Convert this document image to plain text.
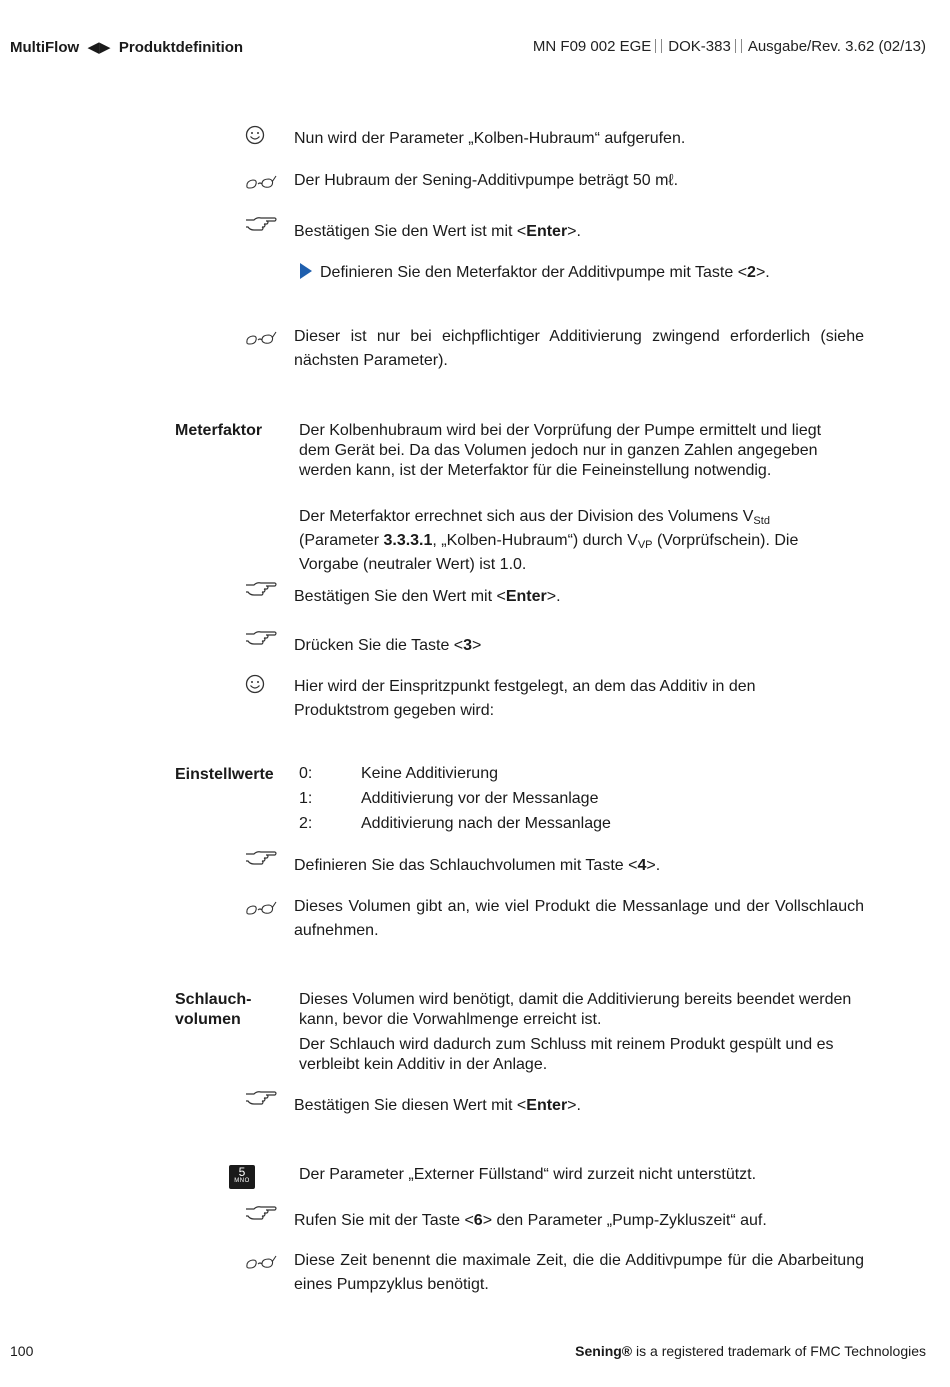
MultiFlow  ◀▶  Produktdefinition	MN F09 002 EGE DOK-383 Ausgabe/Rev. 3.62 (02/13)
Nun wird der Parameter „Kolben-Hubraum“ aufgerufen.
Der Hubraum der Sening-Additivpumpe beträgt 50 mℓ.
Bestätigen Sie den Wert ist mit <Enter>.
Definieren Sie den Meterfaktor der Additivpumpe mit Taste <2>.
Dieser ist nur bei eichpflichtiger Additivierung zwingend erforderlich (siehe nächsten Parameter).
Meterfaktor Der Kolbenhubraum wird bei der Vorprüfung der Pumpe ermittelt und liegt dem Gerät bei. Da das Volumen jedoch nur in ganzen Zahlen angegeben werden kann, ist der Meterfaktor für die Feineinstellung notwendig.
Der Meterfaktor errechnet sich aus der Division des Volumens $V_{Std}$ (Parameter 3.3.3.1, „Kolben-Hubraum“) durch $V_{VP}$ (Vorprüfschein). Die Vorgabe (neutraler Wert) ist 1.0.
Bestätigen Sie den Wert mit <Enter>.
Drücken Sie die Taste <3>
Hier wird der Einspritzpunkt festgelegt, an dem das Additiv in den Produktstrom gegeben wird:
Einstellwerte 0:	Keine Additivierung
1:	Additivierung vor der Messanlage
2:	Additivierung nach der Messanlage
Definieren Sie das Schlauchvolumen mit Taste <4>.
Dieses Volumen gibt an, wie viel Produkt die Messanlage und der Vollschlauch aufnehmen.
Schlauch-
volumen
Dieses Volumen wird benötigt, damit die Additivierung bereits beendet werden kann, bevor die Vorwahlmenge erreicht ist.
Der Schlauch wird dadurch zum Schluss mit reinem Produkt gespült und es verbleibt kein Additiv in der Anlage.
Bestätigen Sie diesen Wert mit <Enter>.
5
MNO	Der Parameter „Externer Füllstand“ wird zurzeit nicht unterstützt.
Rufen Sie mit der Taste <6> den Parameter „Pump-Zykluszeit“ auf.
Diese Zeit benennt die maximale Zeit, die die Additivpumpe für die Abarbeitung eines Pumpzyklus benötigt.
100	Sening® is a registered trademark of FMC Technologies
